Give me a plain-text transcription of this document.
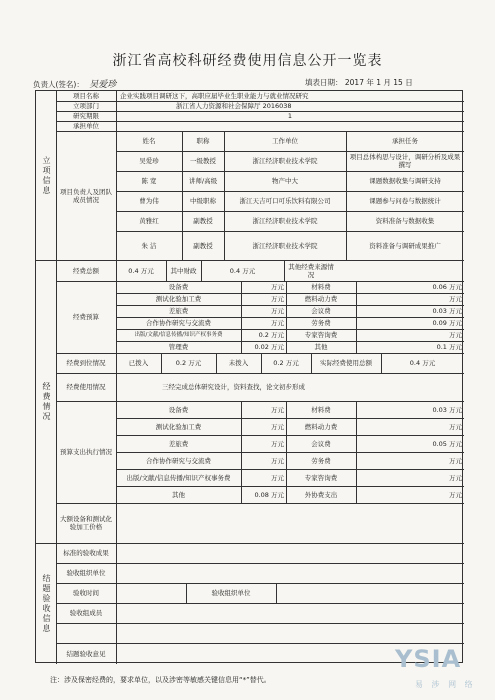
浙江省高校科研经费使用信息公开一览表
负责人(签名)： 吴爱珍	填表日期： 2017 年 1 月 15 日
项目名称	企业实践项目调研这下，高职应届毕业生职业能力与就业情况研究
立项部门	浙江省人力资源和社会保障厅 2016038
研究期限	1
承担单位
项目负责人及团队成员情况
姓名	职称	工作单位	承担任务
吴爱珍	一级教授	浙江经济职业技术学院	项目总体构思与设计，调研分析及成果撰写
陈 宽	讲师/高级	物产中大	课题数据收集与调研支持
曹为伟	中级职称	浙江天吉可口可乐饮料有限公司	课题参与问卷与数据统计
黄雅红	副教授	浙江经济职业技术学院	资料准备与数据收集
朱 洁	副教授	浙江经济职业技术学院	资料准备与调研成果推广
经费总额	0.4 万元	其中财政	0.4 万元	其他经费来源情况
经费预算
设备费	万元	材料费	0.06 万元
测试化验加工费	万元	燃料动力费	万元
差旅费	万元	会议费	0.03 万元
合作协作研究与交流费	万元	劳务费	0.09 万元
出版/文献/信息传播/知识产权事务费	0.2 万元	专家咨询费	万元
管理费	0.02 万元	其他	0.1 万元
经费到位情况	已拨入	0.2 万元	未拨入	0.2 万元	实际经费使用总额	0.4 万元
经费使用情况	三经完成总体研究设计，资料查找，论文初步形成
预算支出执行情况
设备费	万元	材料费	0.03 万元
测试化验加工费	万元	燃料动力费	万元
差旅费	万元	会议费	0.05 万元
合作协作研究与交流费	万元	劳务费	万元
出版/文献/信息传播/知识产权事务费	万元	专家咨询费	万元
其他	0.08 万元	外协费支出	万元
大额设备和测试化验加工价格
标准的验收成果
验收组织单位
验收时间	验收组织单位
验收组成员
结题验收意见
立项信息
经费情况
结题验收信息
注：涉及保密经费的，要求单位，以及涉密等敏感关键信息用“*”替代。
YSIA
易 涉 网 络
